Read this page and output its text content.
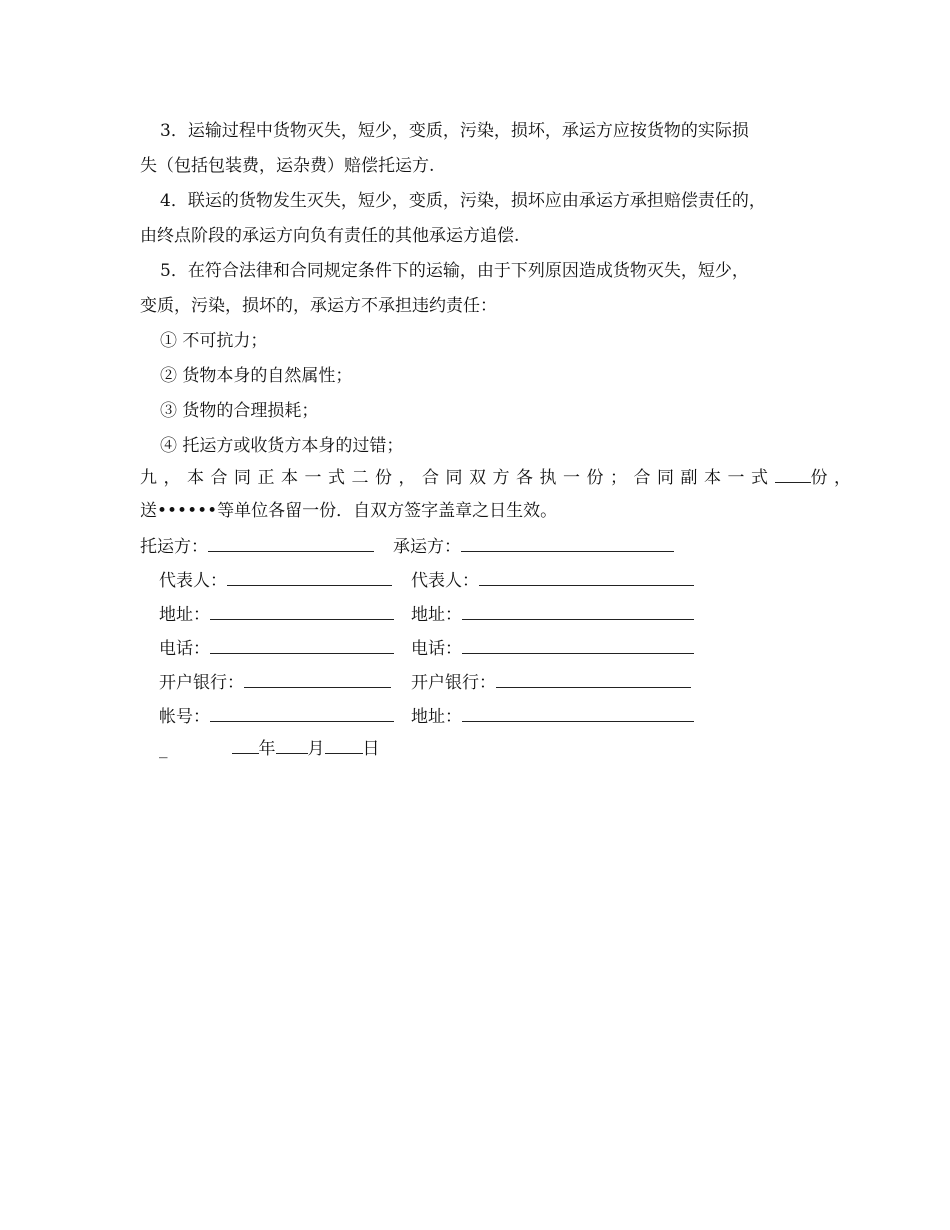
3．运输过程中货物灭失，短少，变质，污染，损坏，承运方应按货物的实际损
失（包括包装费，运杂费）赔偿托运方.
4．联运的货物发生灭失，短少，变质，污染，损坏应由承运方承担赔偿责任的，
由终点阶段的承运方向负有责任的其他承运方追偿.
5．在符合法律和合同规定条件下的运输，由于下列原因造成货物灭失，短少，
变质，污染，损坏的，承运方不承担违约责任：
① 不可抗力；
② 货物本身的自然属性；
③ 货物的合理损耗；
④ 托运方或收货方本身的过错；
九，本合同正本一式二份，合同双方各执一份；合同副本一式 份，
送••••••等单位各留一份．自双方签字盖章之日生效。
托运方：	承运方：
代表人：	代表人：
地址：	地址：
电话：	电话：
开户银行：	开户银行：
帐号：	地址：
_	年 月 日
